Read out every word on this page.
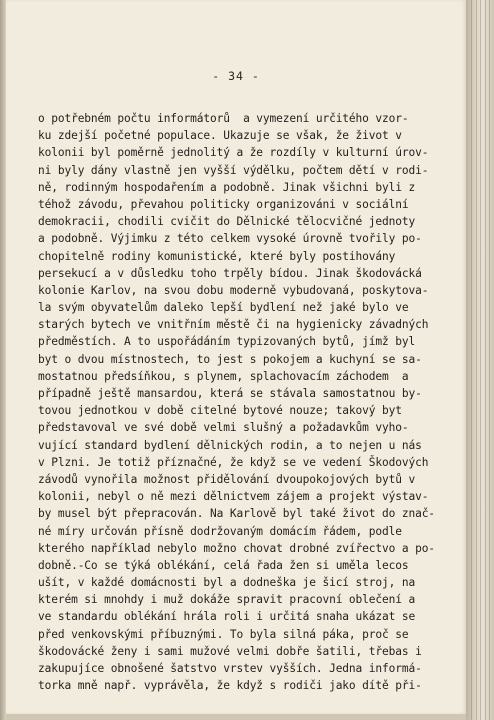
- 34 -
o potřebném počtu informátorů  a vymezení určitého vzor-
ku zdejší početné populace. Ukazuje se však, že život v
kolonii byl poměrně jednolitý a že rozdíly v kulturní úrov-
ni byly dány vlastně jen vyšší výdělku, počtem dětí v rodi-
ně, rodinným hospodařením a podobně. Jinak všichni byli z
téhož závodu, převahou politicky organizováni v sociální
demokracii, chodili cvičit do Dělnické tělocvičné jednoty
a podobně. Výjimku z této celkem vysoké úrovně tvořily po-
chopitelně rodiny komunistické, které byly postihovány
persekucí a v důsledku toho trpěly bídou. Jinak škodovácká
kolonie Karlov, na svou dobu moderně vybudovaná, poskytova-
la svým obyvatelům daleko lepší bydlení než jaké bylo ve
starých bytech ve vnitřním městě či na hygienicky závadných
předměstích. A to uspořádáním typizovaných bytů, jímž byl
byt o dvou místnostech, to jest s pokojem a kuchyní se sa-
mostatnou předsíňkou, s plynem, splachovacím záchodem  a
případně ještě mansardou, která se stávala samostatnou by-
tovou jednotkou v době citelné bytové nouze; takový byt
představoval ve své době velmi slušný a požadavkům vyho-
vující standard bydlení dělnických rodin, a to nejen u nás
v Plzni. Je totiž příznačné, že když se ve vedení Škodových
závodů vynořila možnost přidělování dvoupokojových bytů v
kolonii, nebyl o ně mezi dělnictvem zájem a projekt výstav-
by musel být přepracován. Na Karlově byl také život do znač-
né míry určován přísně dodržovaným domácím řádem, podle
kterého například nebylo možno chovat drobné zvířectvo a po-
dobně.-Co se týká oblékání, celá řada žen si uměla lecos
ušít, v každé domácnosti byl a dodneška je šicí stroj, na
kterém si mnohdy i muž dokáže spravit pracovní oblečení a
ve standardu oblékání hrála roli i určitá snaha ukázat se
před venkovskými příbuznými. To byla silná páka, proč se
škodovácké ženy i sami mužové velmi dobře šatili, třebas i
zakupujíce obnošené šatstvo vrstev vyšších. Jedna informá-
torka mně např. vyprávěla, že když s rodiči jako dítě při-
